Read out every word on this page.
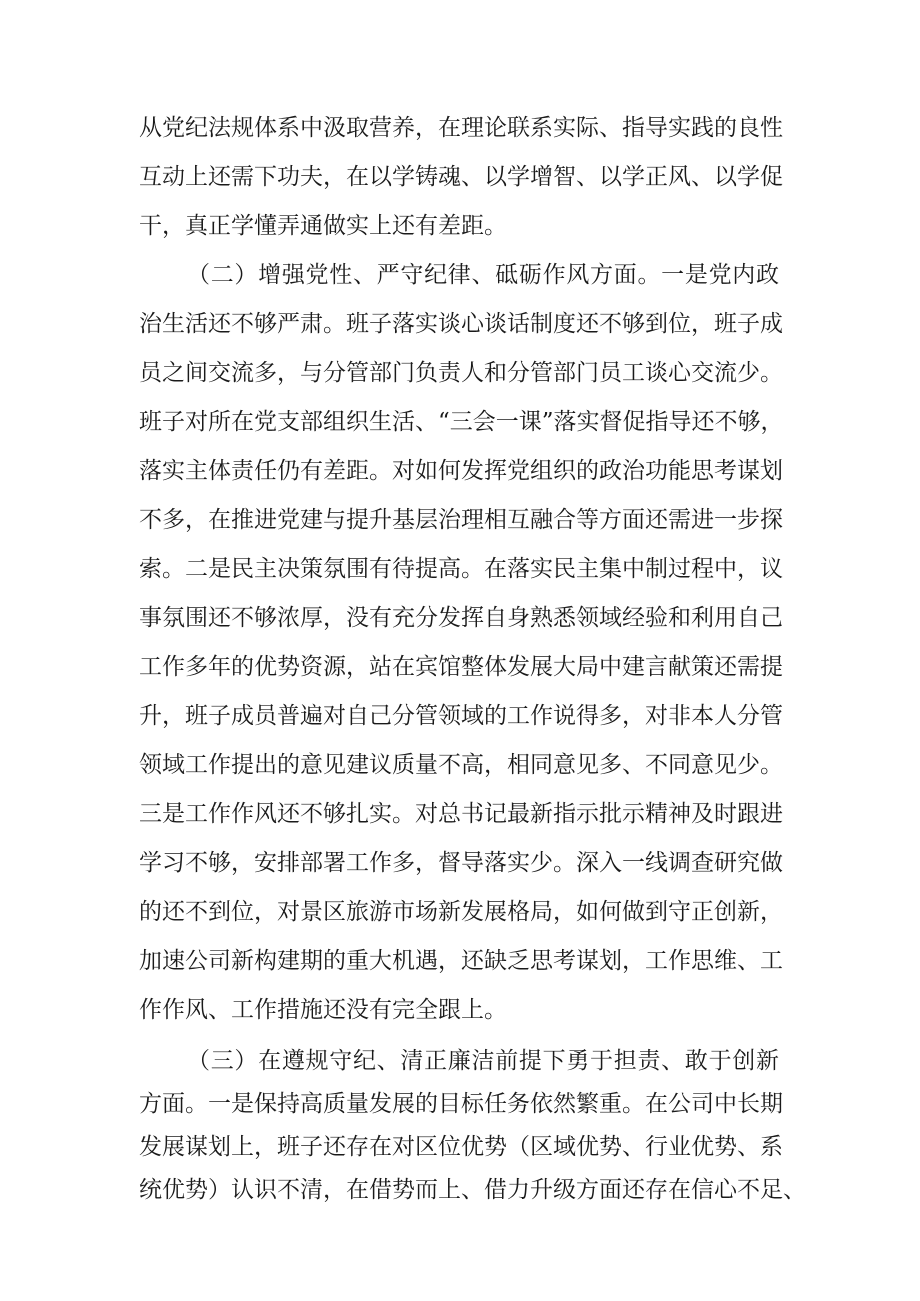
从党纪法规体系中汲取营养，在理论联系实际、指导实践的良性
互动上还需下功夫，在以学铸魂、以学增智、以学正风、以学促
干，真正学懂弄通做实上还有差距。
（二）增强党性、严守纪律、砥砺作风方面。一是党内政
治生活还不够严肃。班子落实谈心谈话制度还不够到位，班子成
员之间交流多，与分管部门负责人和分管部门员工谈心交流少。
班子对所在党支部组织生活、“三会一课”落实督促指导还不够，
落实主体责任仍有差距。对如何发挥党组织的政治功能思考谋划
不多，在推进党建与提升基层治理相互融合等方面还需进一步探
索。二是民主决策氛围有待提高。在落实民主集中制过程中，议
事氛围还不够浓厚，没有充分发挥自身熟悉领域经验和利用自己
工作多年的优势资源，站在宾馆整体发展大局中建言献策还需提
升，班子成员普遍对自己分管领域的工作说得多，对非本人分管
领域工作提出的意见建议质量不高，相同意见多、不同意见少。
三是工作作风还不够扎实。对总书记最新指示批示精神及时跟进
学习不够，安排部署工作多，督导落实少。深入一线调查研究做
的还不到位，对景区旅游市场新发展格局，如何做到守正创新，
加速公司新构建期的重大机遇，还缺乏思考谋划，工作思维、工
作作风、工作措施还没有完全跟上。
（三）在遵规守纪、清正廉洁前提下勇于担责、敢于创新
方面。一是保持高质量发展的目标任务依然繁重。在公司中长期
发展谋划上，班子还存在对区位优势（区域优势、行业优势、系
统优势）认识不清，在借势而上、借力升级方面还存在信心不足、
